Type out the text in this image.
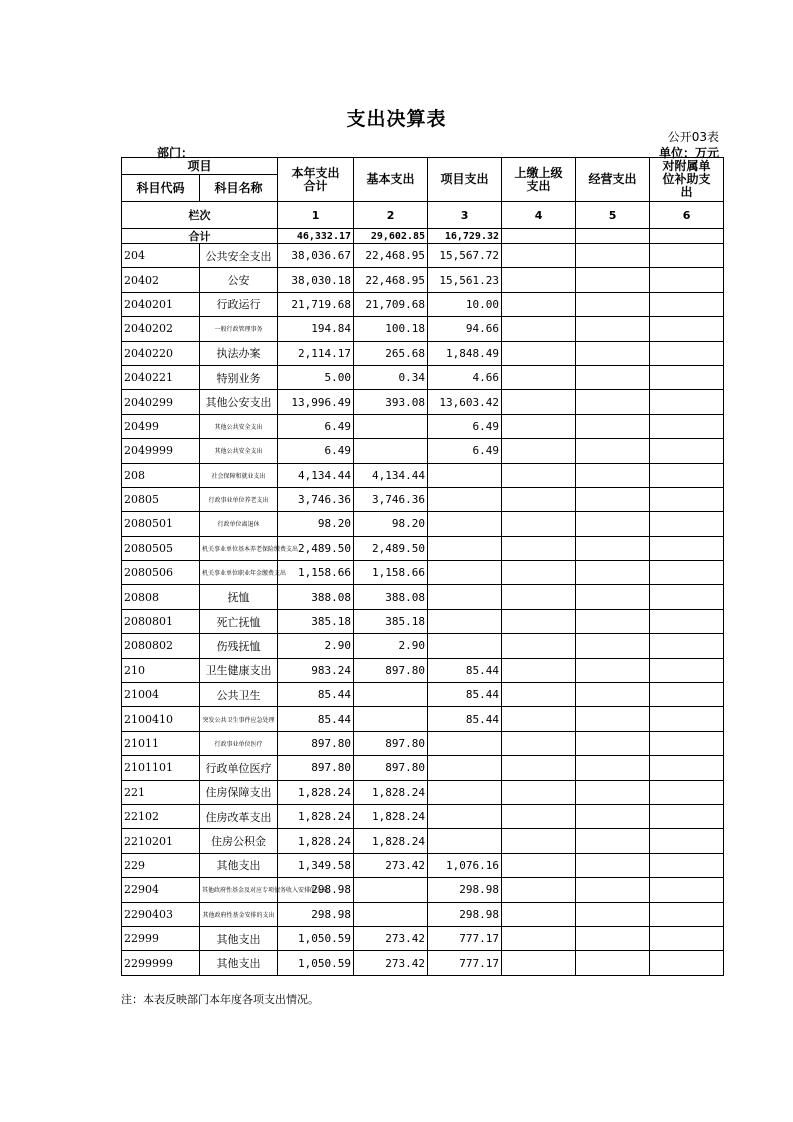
支出决算表
公开03表
部门：	单位：万元
项目		本年支出合计	基本支出	项目支出	上缴上级支出	经营支出	对附属单位补助支出
科目代码	科目名称						
栏次		1	2	3	4	5	6
合计		46,332.17	29,602.85	16,729.32			
204	公共安全支出	38,036.67	22,468.95	15,567.72			
20402	公安	38,030.18	22,468.95	15,561.23			
2040201	行政运行	21,719.68	21,709.68	10.00			
2040202	一般行政管理事务	194.84	100.18	94.66			
2040220	执法办案	2,114.17	265.68	1,848.49			
2040221	特别业务	5.00	0.34	4.66			
2040299	其他公安支出	13,996.49	393.08	13,603.42			
20499	其他公共安全支出	6.49		6.49			
2049999	其他公共安全支出	6.49		6.49			
208	社会保障和就业支出	4,134.44	4,134.44				
20805	行政事业单位养老支出	3,746.36	3,746.36				
2080501	行政单位离退休	98.20	98.20				
2080505	机关事业单位基本养老保险缴费支出	2,489.50	2,489.50				
2080506	机关事业单位职业年金缴费支出	1,158.66	1,158.66				
20808	抚恤	388.08	388.08				
2080801	死亡抚恤	385.18	385.18				
2080802	伤残抚恤	2.90	2.90				
210	卫生健康支出	983.24	897.80	85.44			
21004	公共卫生	85.44		85.44			
2100410	突发公共卫生事件应急处理	85.44		85.44			
21011	行政事业单位医疗	897.80	897.80				
2101101	行政单位医疗	897.80	897.80				
221	住房保障支出	1,828.24	1,828.24				
22102	住房改革支出	1,828.24	1,828.24				
2210201	住房公积金	1,828.24	1,828.24				
229	其他支出	1,349.58	273.42	1,076.16			
22904	其他政府性基金及对应专项债务收入安排的支出	298.98		298.98			
2290403	其他政府性基金安排的支出	298.98		298.98			
22999	其他支出	1,050.59	273.42	777.17			
2299999	其他支出	1,050.59	273.42	777.17			
注：本表反映部门本年度各项支出情况。
